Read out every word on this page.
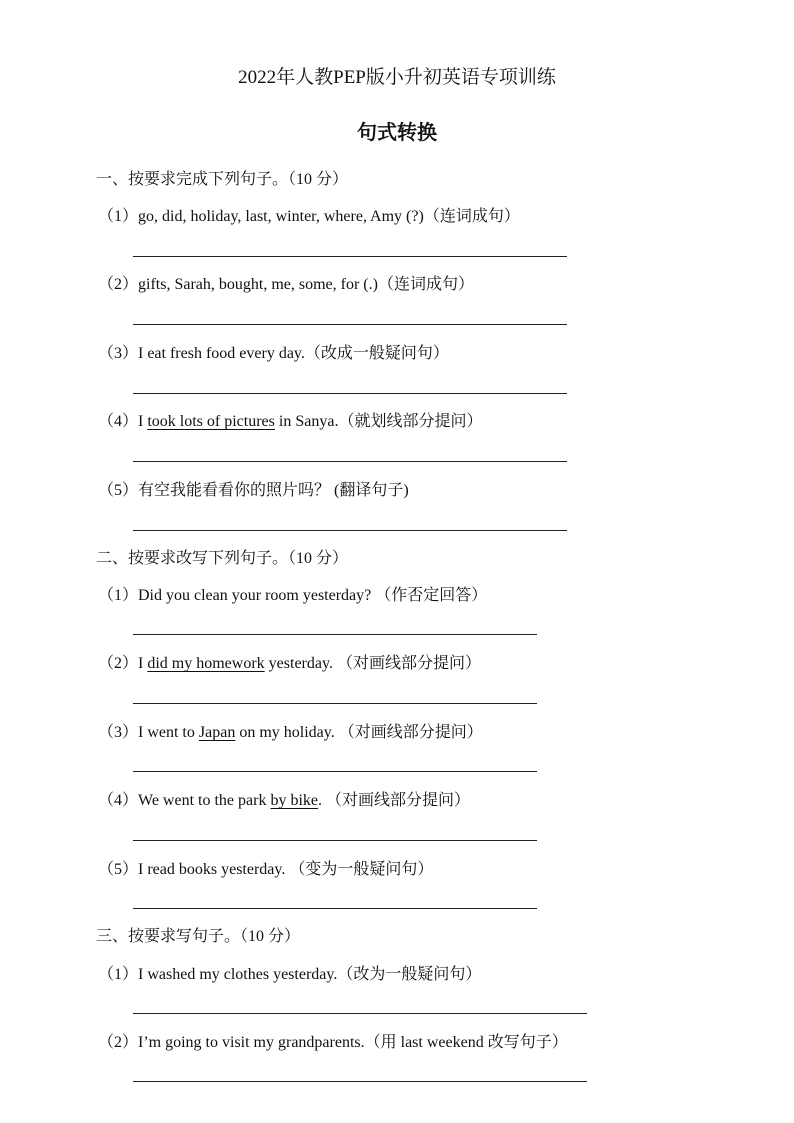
2022年人教PEP版小升初英语专项训练
句式转换
一、按要求完成下列句子。（10 分）
（1）go, did, holiday, last, winter, where, Amy (?)（连词成句）
（2）gifts, Sarah, bought, me, some, for (.)（连词成句）
（3）I eat fresh food every day.（改成一般疑问句）
（4）I took lots of pictures in Sanya.（就划线部分提问）
（5）有空我能看看你的照片吗？ (翻译句子)
二、按要求改写下列句子。（10 分）
（1）Did you clean your room yesterday? （作否定回答）
（2）I did my homework yesterday. （对画线部分提问）
（3）I went to Japan on my holiday. （对画线部分提问）
（4）We went to the park by bike. （对画线部分提问）
（5）I read books yesterday. （变为一般疑问句）
三、按要求写句子。（10 分）
（1）I washed my clothes yesterday.（改为一般疑问句）
（2）I’m going to visit my grandparents.（用 last weekend 改写句子）
